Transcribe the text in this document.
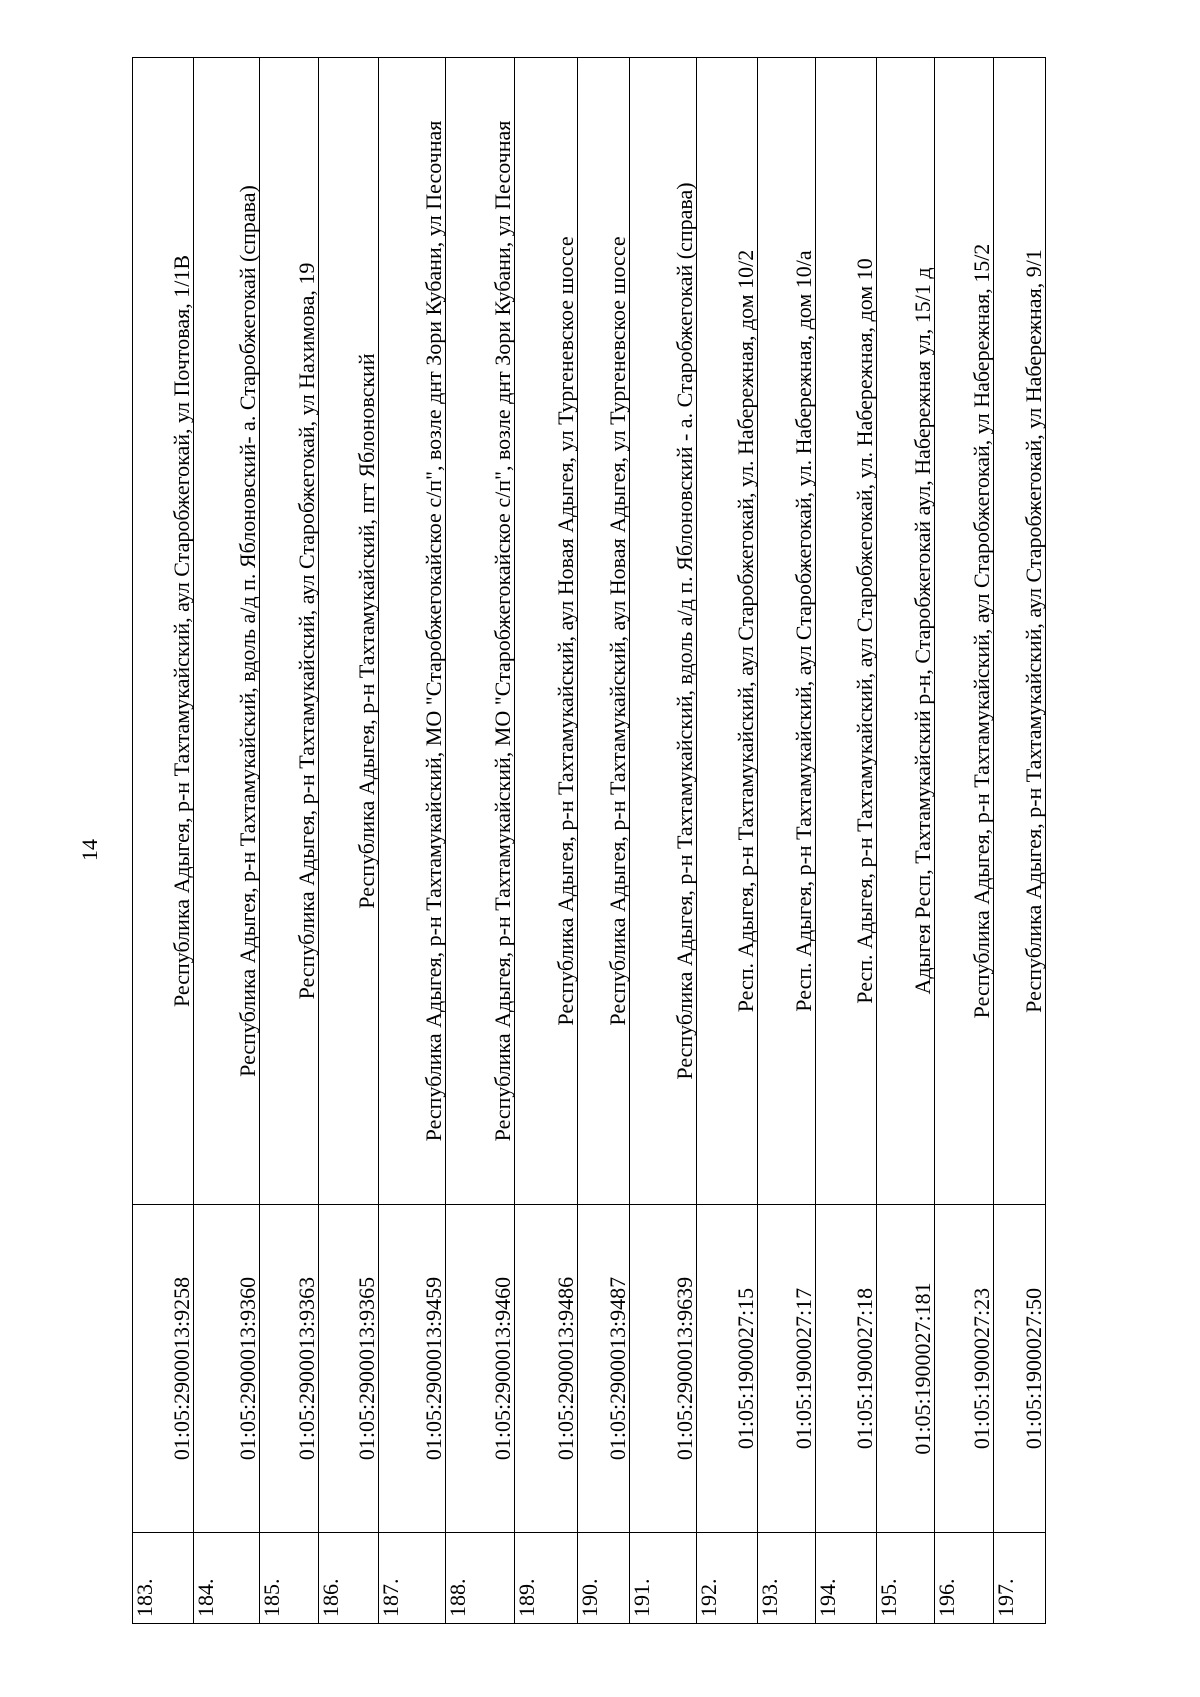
14
183.	01:05:2900013:9258	Республика Адыгея, р-н Тахтамукайский, аул Старобжегокай, ул Почтовая, 1/1В
184.	01:05:2900013:9360	Республика Адыгея, р-н Тахтамукайский, вдоль а/д п. Яблоновский- а. Старобжегокай (справа)
185.	01:05:2900013:9363	Республика Адыгея, р-н Тахтамукайский, аул Старобжегокай, ул Нахимова, 19
186.	01:05:2900013:9365	Республика Адыгея, р-н Тахтамукайский, пгт Яблоновский
187.	01:05:2900013:9459	Республика Адыгея, р-н Тахтамукайский, МО "Старобжегокайское с/п", возле днт Зори Кубани, ул Песочная
188.	01:05:2900013:9460	Республика Адыгея, р-н Тахтамукайский, МО "Старобжегокайское с/п", возле днт Зори Кубани, ул Песочная
189.	01:05:2900013:9486	Республика Адыгея, р-н Тахтамукайский, аул Новая Адыгея, ул Тургеневское шоссе
190.	01:05:2900013:9487	Республика Адыгея, р-н Тахтамукайский, аул Новая Адыгея, ул Тургеневское шоссе
191.	01:05:2900013:9639	Республика Адыгея, р-н Тахтамукайский, вдоль а/д п. Яблоновский - а. Старобжегокай (справа)
192.	01:05:1900027:15	Респ. Адыгея, р-н Тахтамукайский, аул Старобжегокай, ул. Набережная, дом 10/2
193.	01:05:1900027:17	Респ. Адыгея, р-н Тахтамукайский, аул Старобжегокай, ул. Набережная, дом 10/а
194.	01:05:1900027:18	Респ. Адыгея, р-н Тахтамукайский, аул Старобжегокай, ул. Набережная, дом 10
195.	01:05:1900027:181	Адыгея Респ, Тахтамукайский р-н, Старобжегокай аул, Набережная ул, 15/1 д
196.	01:05:1900027:23	Республика Адыгея, р-н Тахтамукайский, аул Старобжегокай, ул Набережная, 15/2
197.	01:05:1900027:50	Республика Адыгея, р-н Тахтамукайский, аул Старобжегокай, ул Набережная, 9/1
